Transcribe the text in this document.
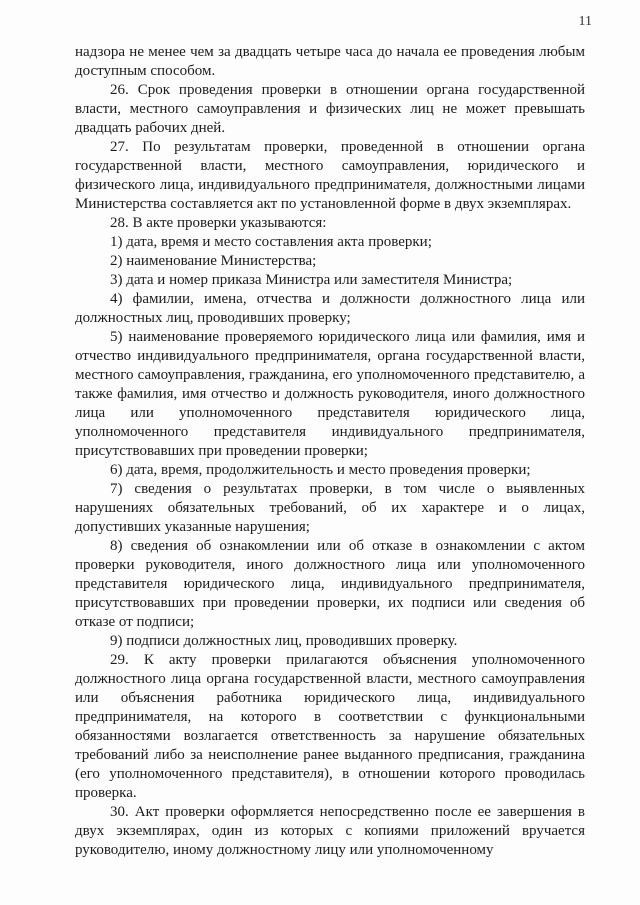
11

надзора не менее чем за двадцать четыре часа до начала ее проведения любым доступным способом.

26. Срок проведения проверки в отношении органа государственной власти, местного самоуправления и физических лиц не может превышать двадцать рабочих дней.

27. По результатам проверки, проведенной в отношении органа государственной власти, местного самоуправления, юридического и физического лица, индивидуального предпринимателя, должностными лицами Министерства составляется акт по установленной форме в двух экземплярах.

28. В акте проверки указываются:

1) дата, время и место составления акта проверки;

2) наименование Министерства;

3) дата и номер приказа Министра или заместителя Министра;

4) фамилии, имена, отчества и должности должностного лица или должностных лиц, проводивших проверку;

5) наименование проверяемого юридического лица или фамилия, имя и отчество индивидуального предпринимателя, органа государственной власти, местного самоуправления, гражданина, его уполномоченного представителю, а также фамилия, имя отчество и должность руководителя, иного должностного лица или уполномоченного представителя юридического лица, уполномоченного представителя индивидуального предпринимателя, присутствовавших при проведении проверки;

6) дата, время, продолжительность и место проведения проверки;

7) сведения о результатах проверки, в том числе о выявленных нарушениях обязательных требований, об их характере и о лицах, допустивших указанные нарушения;

8) сведения об ознакомлении или об отказе в ознакомлении с актом проверки руководителя, иного должностного лица или уполномоченного представителя юридического лица, индивидуального предпринимателя, присутствовавших при проведении проверки, их подписи или сведения об отказе от подписи;

9) подписи должностных лиц, проводивших проверку.

29. К акту проверки прилагаются объяснения уполномоченного должностного лица органа государственной власти, местного самоуправления или объяснения работника юридического лица, индивидуального предпринимателя, на которого в соответствии с функциональными обязанностями возлагается ответственность за нарушение обязательных требований либо за неисполнение ранее выданного предписания, гражданина (его уполномоченного представителя), в отношении которого проводилась проверка.

30. Акт проверки оформляется непосредственно после ее завершения в двух экземплярах, один из которых с копиями приложений вручается руководителю, иному должностному лицу или уполномоченному
